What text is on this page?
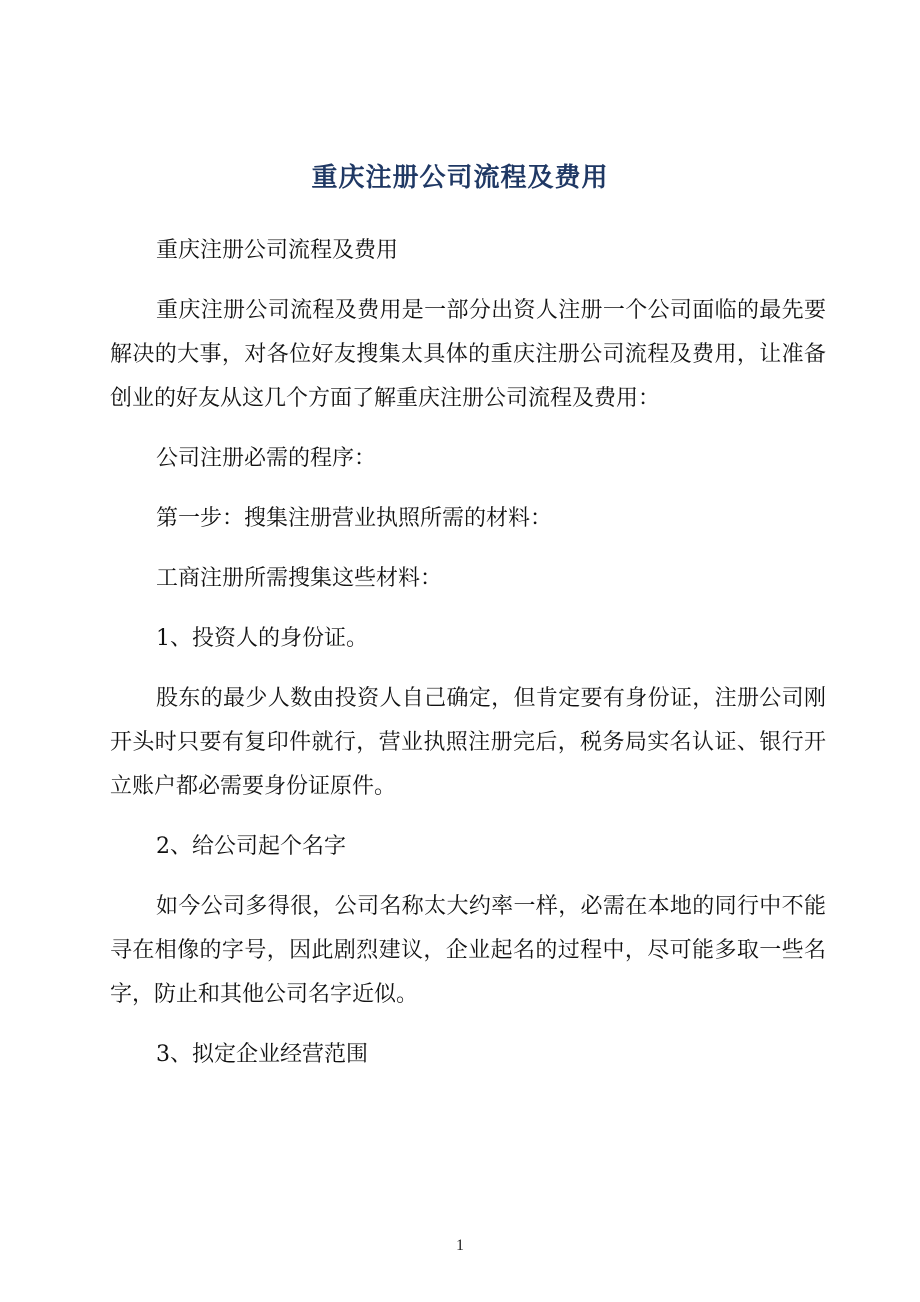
重庆注册公司流程及费用

重庆注册公司流程及费用

重庆注册公司流程及费用是一部分出资人注册一个公司面临的最先要解决的大事，对各位好友搜集太具体的重庆注册公司流程及费用，让准备创业的好友从这几个方面了解重庆注册公司流程及费用：

公司注册必需的程序：

第一步：搜集注册营业执照所需的材料：

工商注册所需搜集这些材料：

1、投资人的身份证。

股东的最少人数由投资人自己确定，但肯定要有身份证，注册公司刚开头时只要有复印件就行，营业执照注册完后，税务局实名认证、银行开立账户都必需要身份证原件。

2、给公司起个名字

如今公司多得很，公司名称太大约率一样，必需在本地的同行中不能寻在相像的字号，因此剧烈建议，企业起名的过程中，尽可能多取一些名字，防止和其他公司名字近似。

3、拟定企业经营范围

1
